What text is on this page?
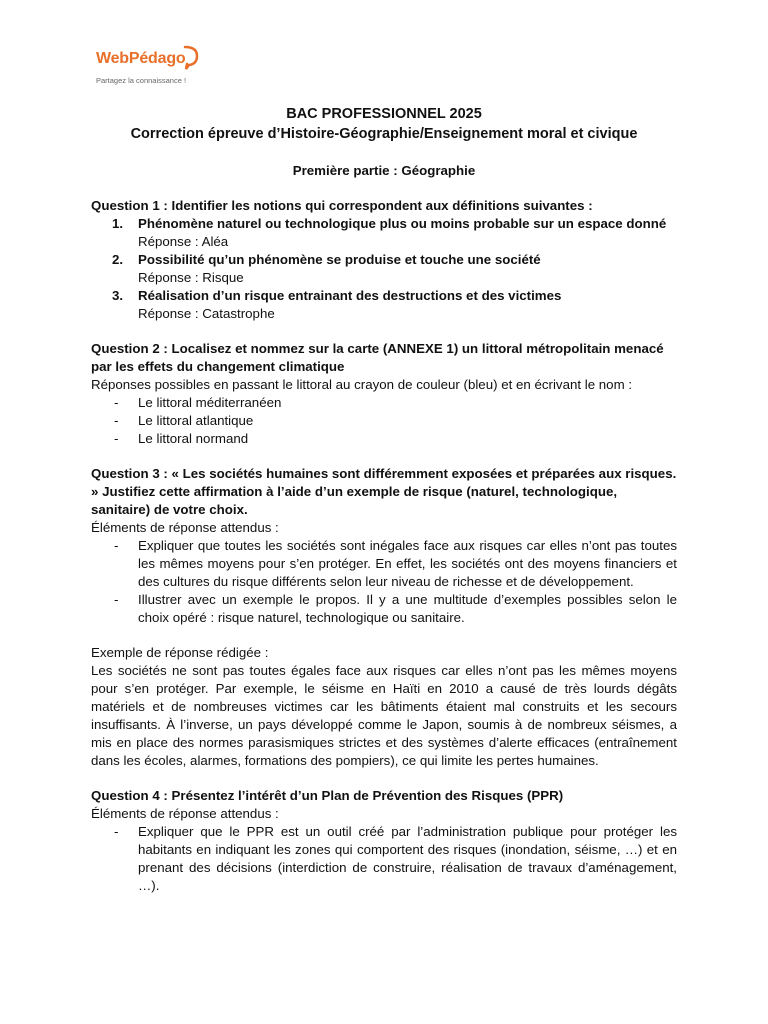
WebPédago
Partagez la connaissance !

BAC PROFESSIONNEL 2025

Correction épreuve d’Histoire-Géographie/Enseignement moral et civique

Première partie : Géographie

Question 1 : Identifier les notions qui correspondent aux définitions suivantes :

1. Phénomène naturel ou technologique plus ou moins probable sur un espace donné
Réponse : Aléa
2. Possibilité qu’un phénomène se produise et touche une société
Réponse : Risque
3. Réalisation d’un risque entrainant des destructions et des victimes
Réponse : Catastrophe

Question 2 : Localisez et nommez sur la carte (ANNEXE 1) un littoral métropolitain menacé par les effets du changement climatique

Réponses possibles en passant le littoral au crayon de couleur (bleu) et en écrivant le nom :

- Le littoral méditerranéen
- Le littoral atlantique
- Le littoral normand

Question 3 : « Les sociétés humaines sont différemment exposées et préparées aux risques. » Justifiez cette affirmation à l’aide d’un exemple de risque (naturel, technologique, sanitaire) de votre choix.

Éléments de réponse attendus :

- Expliquer que toutes les sociétés sont inégales face aux risques car elles n’ont pas toutes les mêmes moyens pour s’en protéger. En effet, les sociétés ont des moyens financiers et des cultures du risque différents selon leur niveau de richesse et de développement.
- Illustrer avec un exemple le propos. Il y a une multitude d’exemples possibles selon le choix opéré : risque naturel, technologique ou sanitaire.

Exemple de réponse rédigée :

Les sociétés ne sont pas toutes égales face aux risques car elles n’ont pas les mêmes moyens pour s’en protéger. Par exemple, le séisme en Haïti en 2010 a causé de très lourds dégâts matériels et de nombreuses victimes car les bâtiments étaient mal construits et les secours insuffisants. À l’inverse, un pays développé comme le Japon, soumis à de nombreux séismes, a mis en place des normes parasismiques strictes et des systèmes d’alerte efficaces (entraînement dans les écoles, alarmes, formations des pompiers), ce qui limite les pertes humaines.

Question 4 : Présentez l’intérêt d’un Plan de Prévention des Risques (PPR)

Éléments de réponse attendus :

- Expliquer que le PPR est un outil créé par l’administration publique pour protéger les habitants en indiquant les zones qui comportent des risques (inondation, séisme, …) et en prenant des décisions (interdiction de construire, réalisation de travaux d’aménagement, …).
